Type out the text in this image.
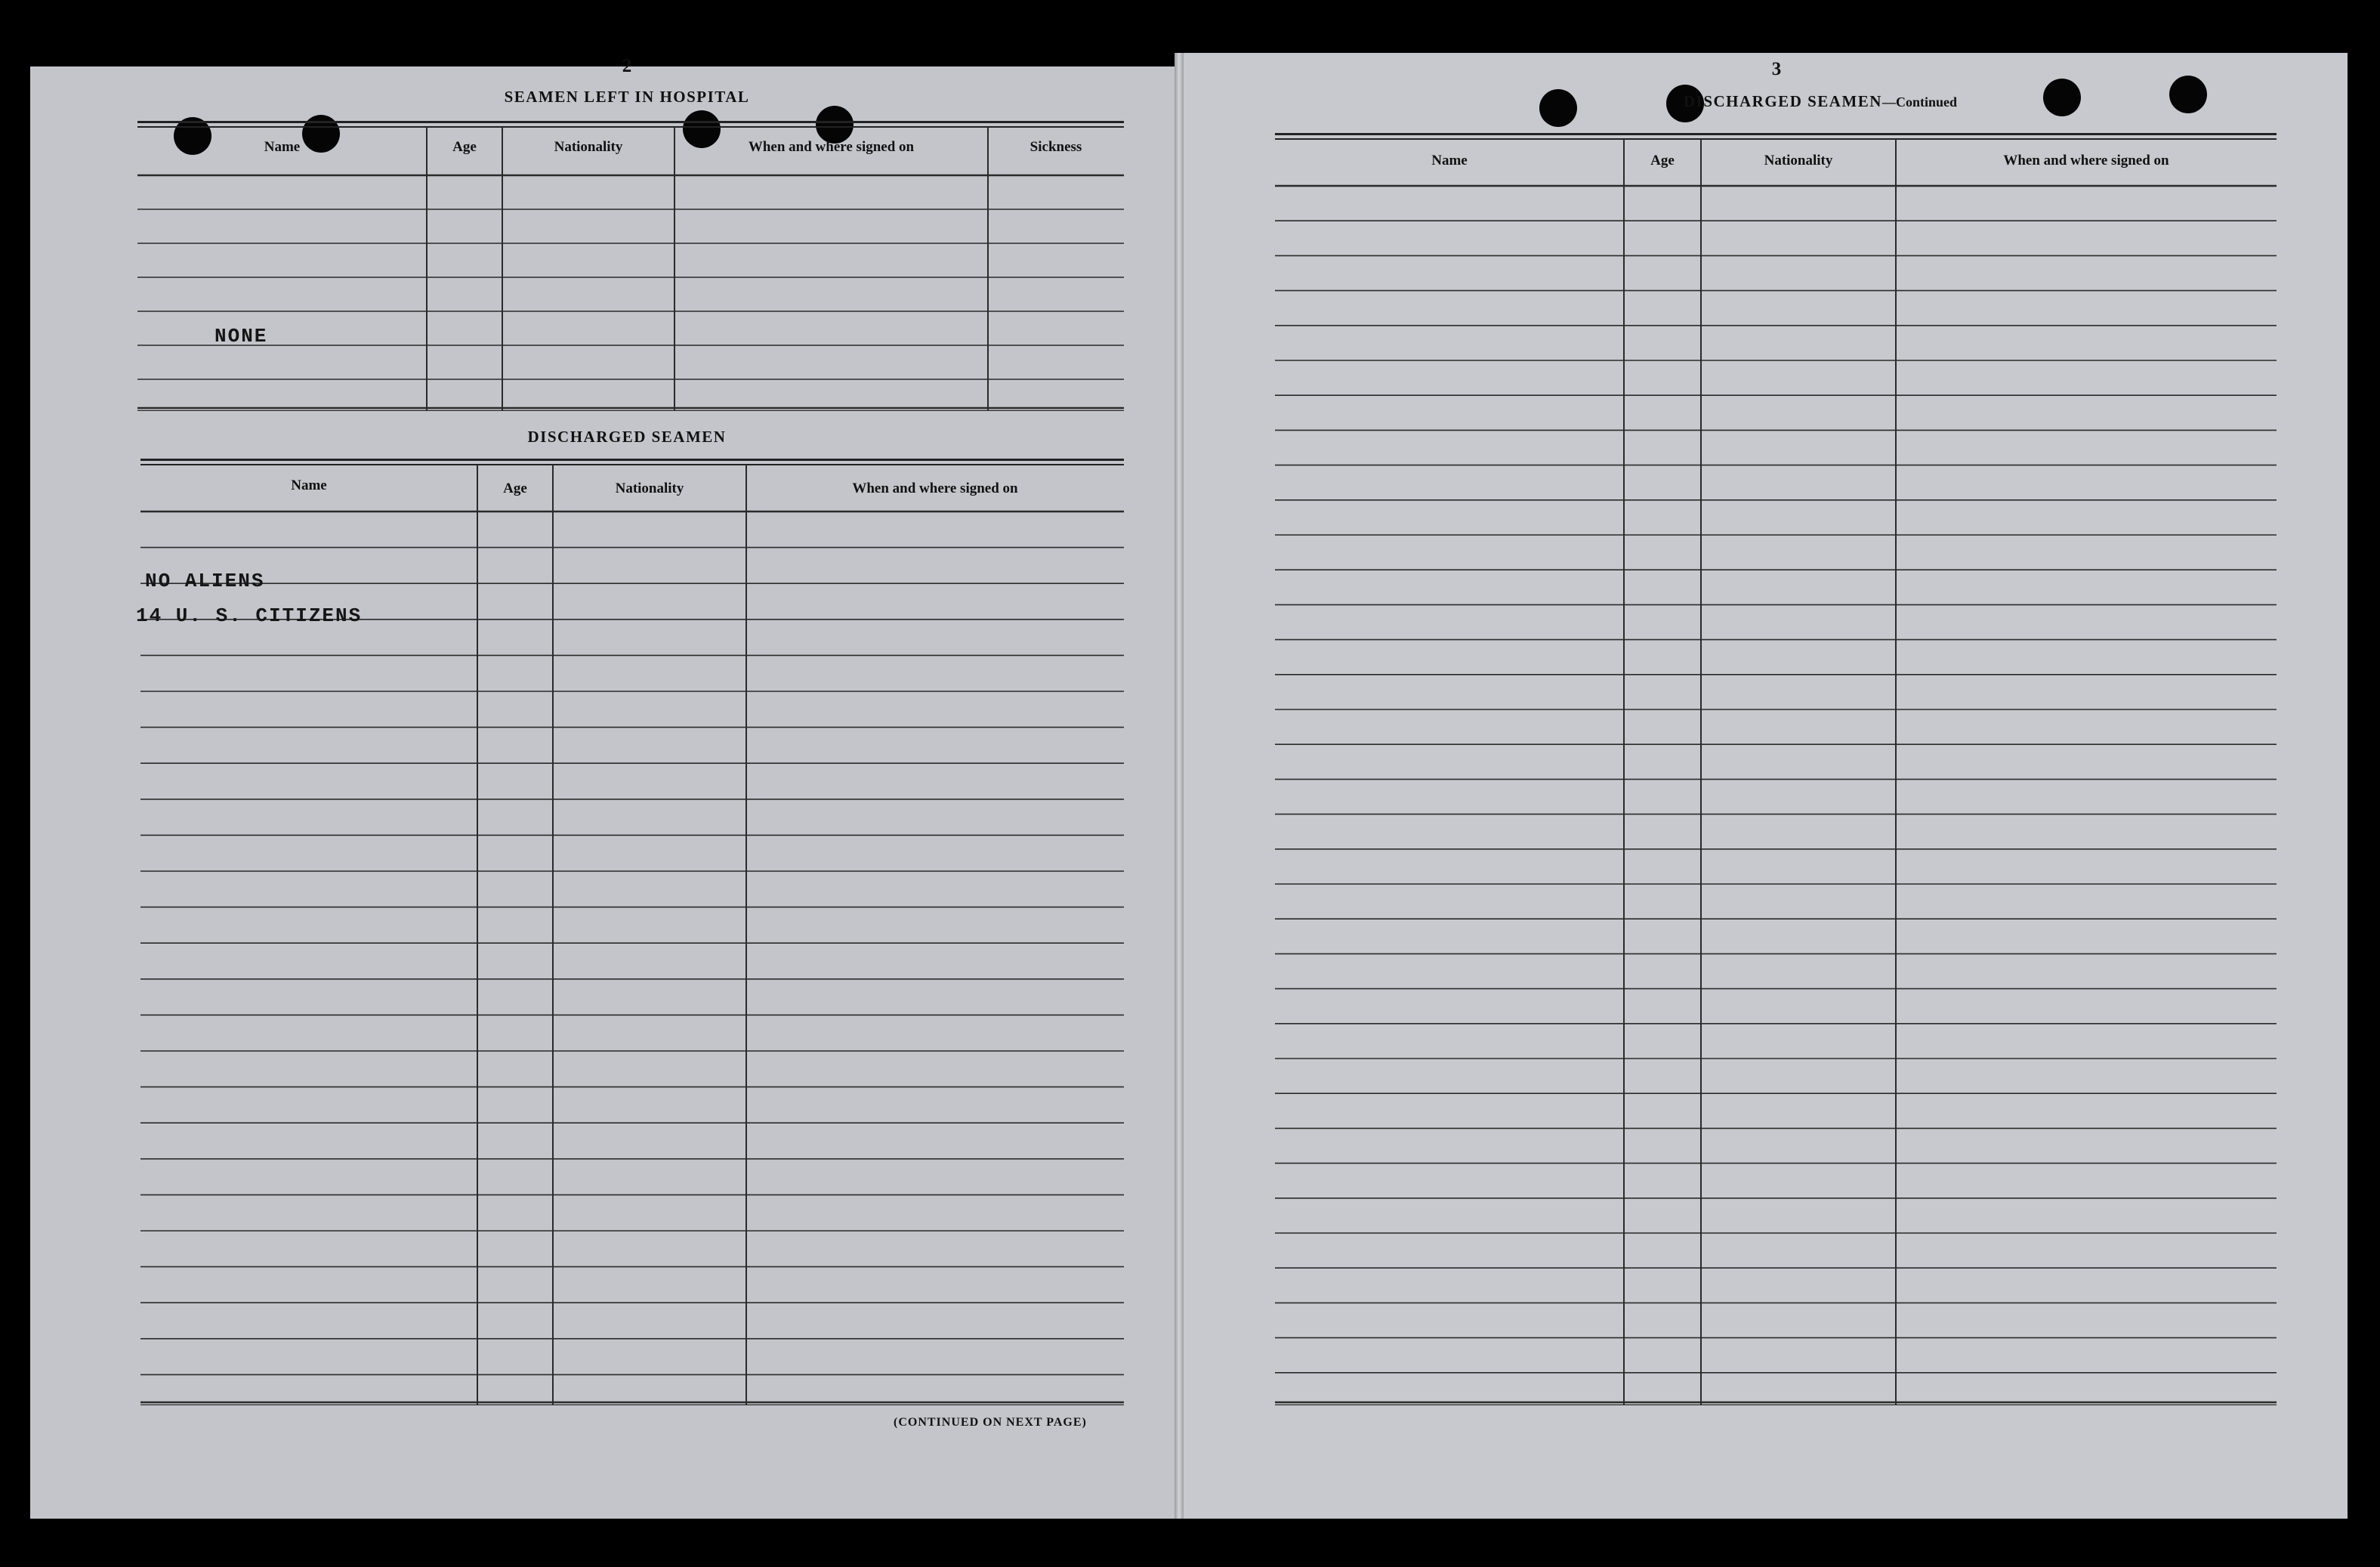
2
SEAMEN LEFT IN HOSPITAL
Name	Age	Nationality	When and where signed on	Sickness
NONE
DISCHARGED SEAMEN
Name	Age	Nationality	When and where signed on
NO ALIENS
14 U. S. CITIZENS
(CONTINUED ON NEXT PAGE)
3
DISCHARGED SEAMEN—Continued
Name	Age	Nationality	When and where signed on
